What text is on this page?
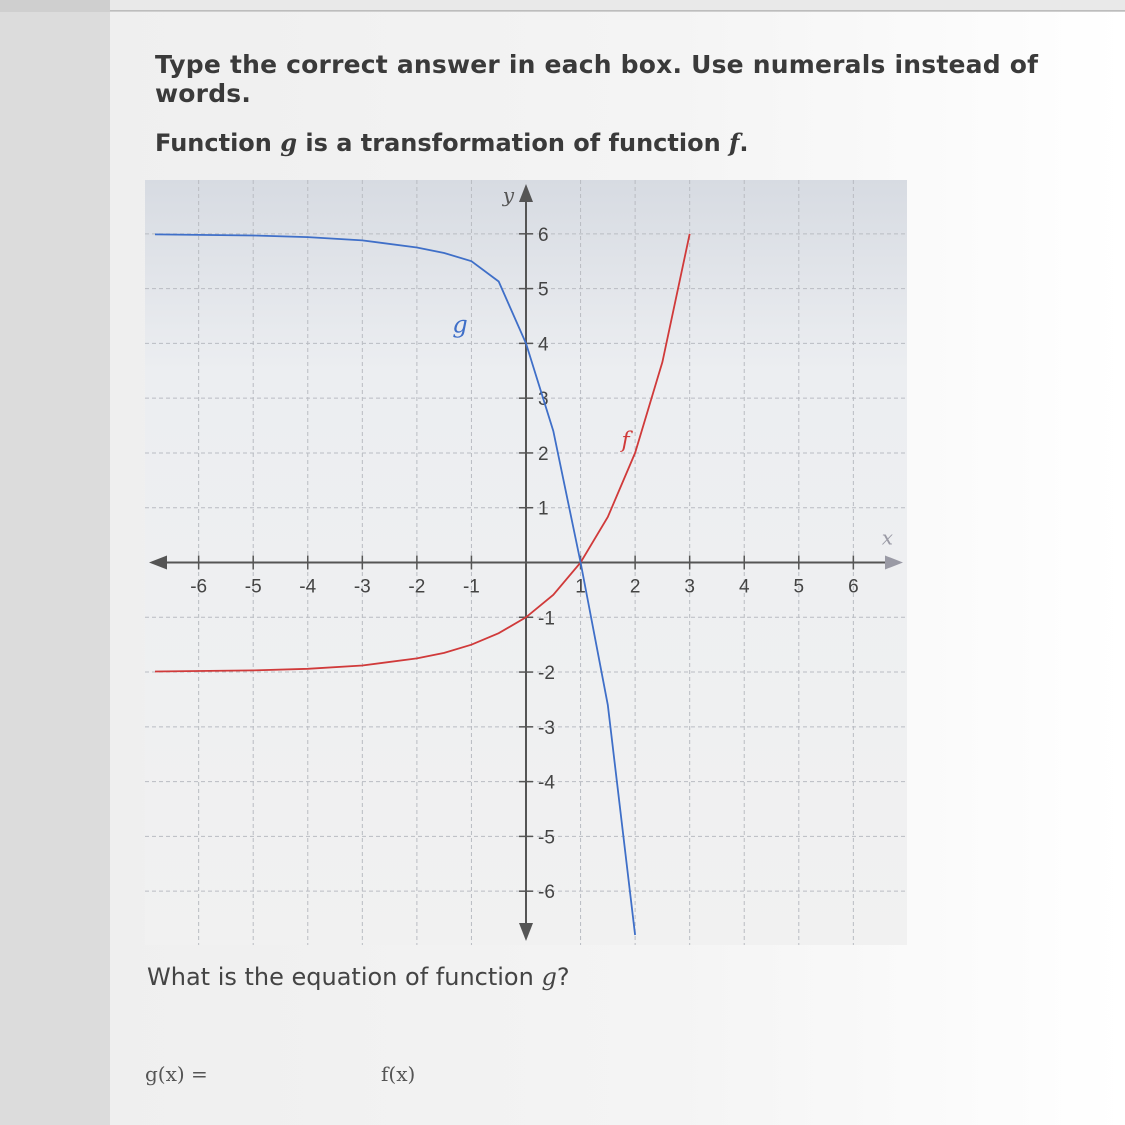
Type the correct answer in each box. Use numerals instead of words.

Function g is a transformation of function f.

-6 -5 -4 -3 -2 -1	1 2 3 4 5 6
6
5
4
3
2
1
-1
-2
-3
-4
-5
-6
x
y
f
g

What is the equation of function g?

g(x) =	f(x)
